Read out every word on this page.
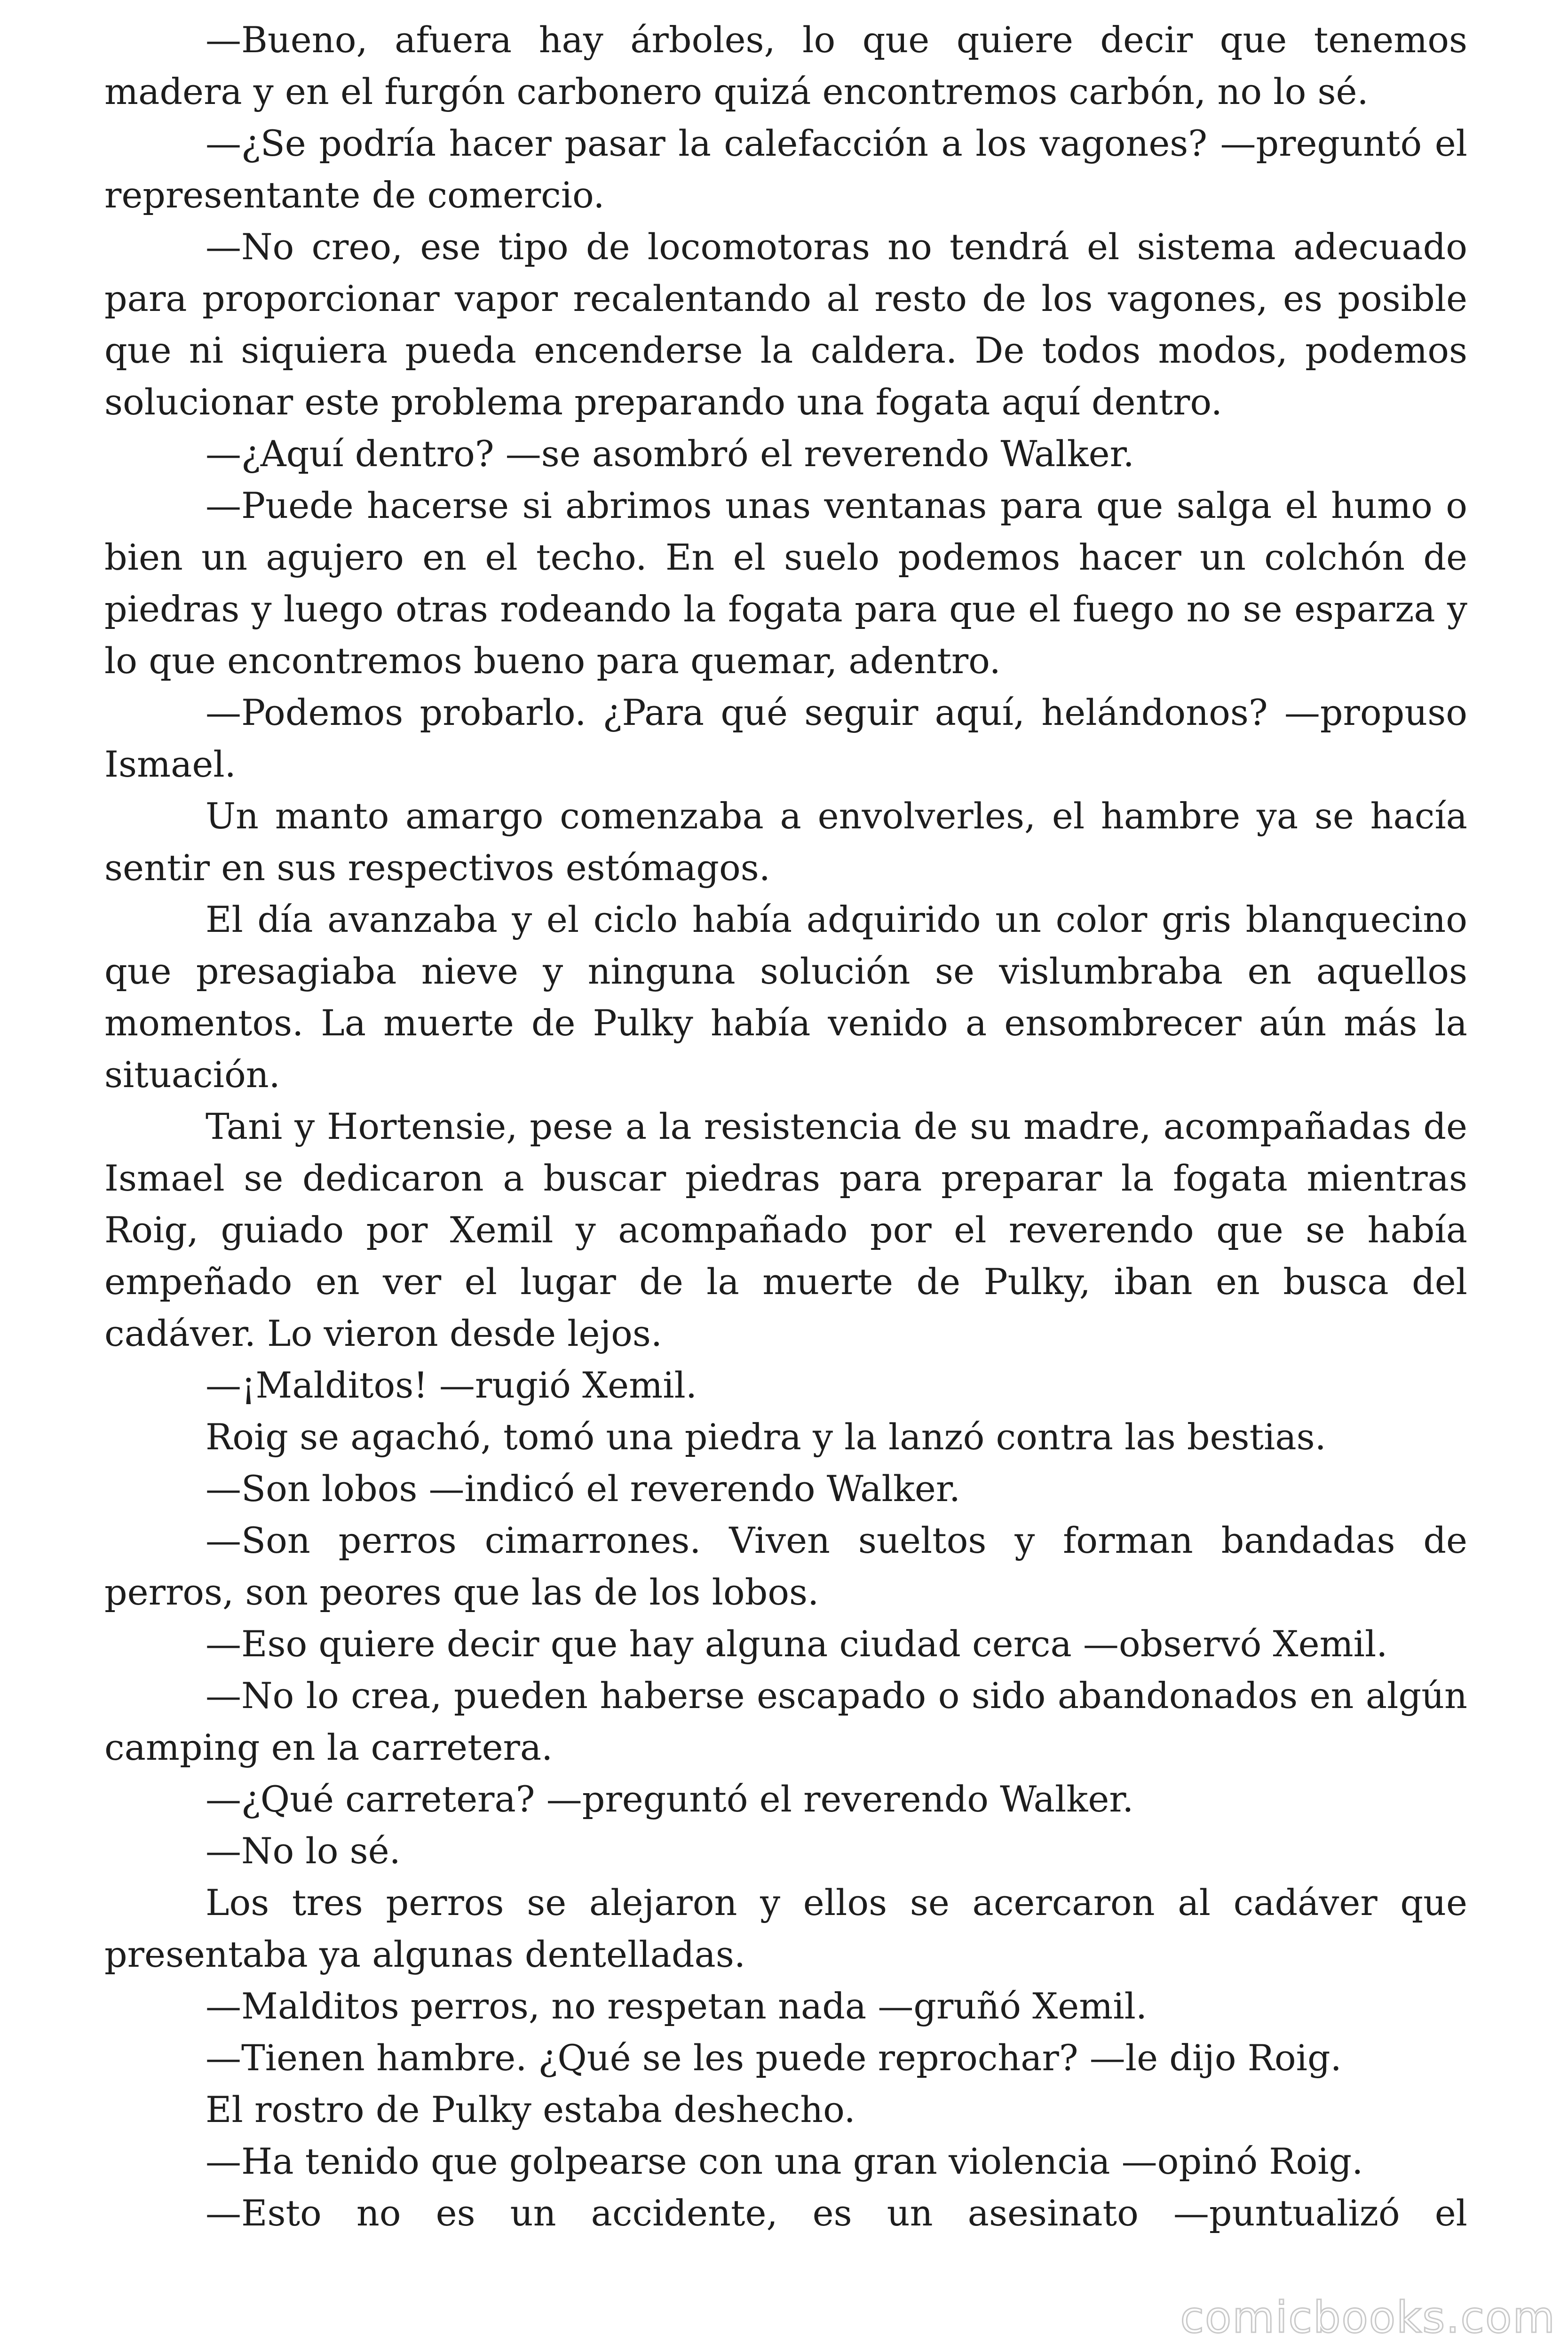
—Bueno, afuera hay árboles, lo que quiere decir que tenemos madera y en el furgón carbonero quizá encontremos carbón, no lo sé.

—¿Se podría hacer pasar la calefacción a los vagones? —preguntó el representante de comercio.

—No creo, ese tipo de locomotoras no tendrá el sistema adecuado para proporcionar vapor recalentando al resto de los vagones, es posible que ni siquiera pueda encenderse la caldera. De todos modos, podemos solucionar este problema preparando una fogata aquí dentro.

—¿Aquí dentro? —se asombró el reverendo Walker.

—Puede hacerse si abrimos unas ventanas para que salga el humo o bien un agujero en el techo. En el suelo podemos hacer un colchón de piedras y luego otras rodeando la fogata para que el fuego no se esparza y lo que encontremos bueno para quemar, adentro.

—Podemos probarlo. ¿Para qué seguir aquí, helándonos? —propuso Ismael.

Un manto amargo comenzaba a envolverles, el hambre ya se hacía sentir en sus respectivos estómagos.

El día avanzaba y el ciclo había adquirido un color gris blanquecino que presagiaba nieve y ninguna solución se vislumbraba en aquellos momentos. La muerte de Pulky había venido a ensombrecer aún más la situación.

Tani y Hortensie, pese a la resistencia de su madre, acompañadas de Ismael se dedicaron a buscar piedras para preparar la fogata mientras Roig, guiado por Xemil y acompañado por el reverendo que se había empeñado en ver el lugar de la muerte de Pulky, iban en busca del cadáver. Lo vieron desde lejos.

—¡Malditos! —rugió Xemil.

Roig se agachó, tomó una piedra y la lanzó contra las bestias.

—Son lobos —indicó el reverendo Walker.

—Son perros cimarrones. Viven sueltos y forman bandadas de perros, son peores que las de los lobos.

—Eso quiere decir que hay alguna ciudad cerca —observó Xemil.

—No lo crea, pueden haberse escapado o sido abandonados en algún camping en la carretera.

—¿Qué carretera? —preguntó el reverendo Walker.

—No lo sé.

Los tres perros se alejaron y ellos se acercaron al cadáver que presentaba ya algunas dentelladas.

—Malditos perros, no respetan nada —gruñó Xemil.

—Tienen hambre. ¿Qué se les puede reprochar? —le dijo Roig.

El rostro de Pulky estaba deshecho.

—Ha tenido que golpearse con una gran violencia —opinó Roig.

—Esto no es un accidente, es un asesinato —puntualizó el

comicbooks.com
